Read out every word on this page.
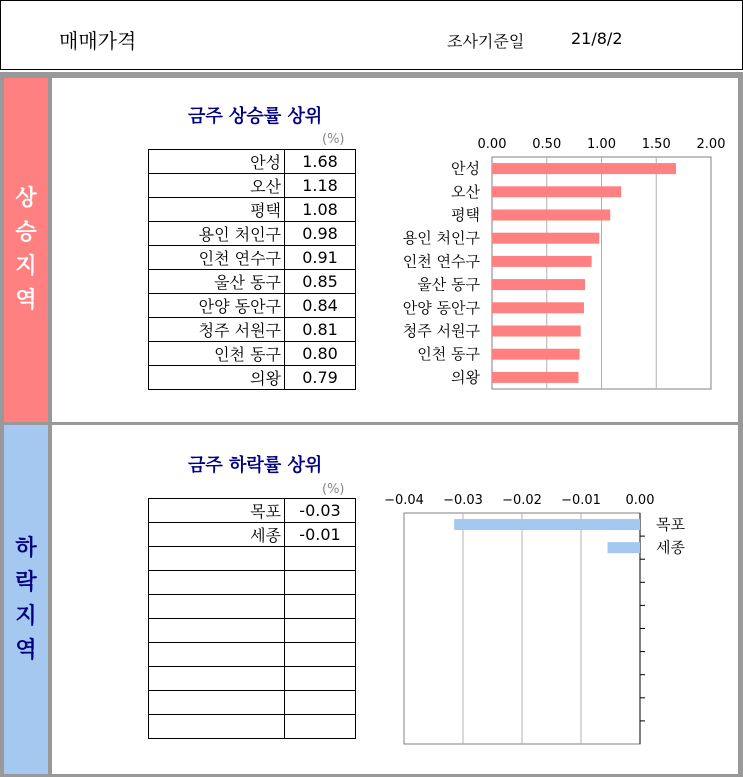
매매가격	조사기준일	21/8/2
상
승
지
역
하
락
지
역
금주 상승률 상위
(%)
안성	1.68
오산	1.18
평택	1.08
용인 처인구	0.98
인천 연수구	0.91
울산 동구	0.85
안양 동안구	0.84
청주 서원구	0.81
인천 동구	0.80
의왕	0.79
0.00 0.50 1.00 1.50 2.00
안성
오산
평택
용인 처인구
인천 연수구
울산 동구
안양 동안구
청주 서원구
인천 동구
의왕
금주 하락률 상위
(%)
목포	-0.03
세종	-0.01

−0.04 −0.03 −0.02 −0.01 0.00
목포
세종
